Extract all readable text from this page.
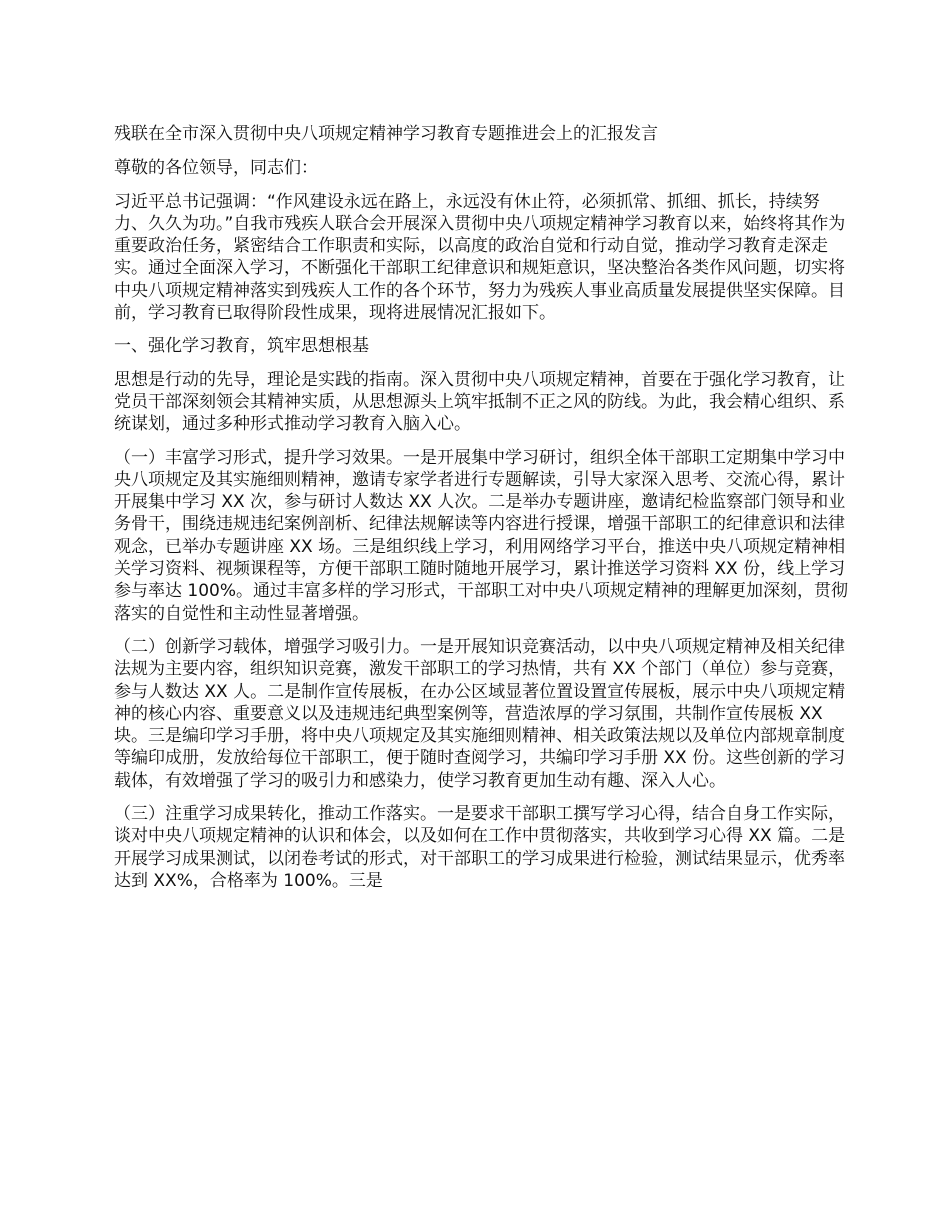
残联在全市深入贯彻中央八项规定精神学习教育专题推进会上的汇报发言

尊敬的各位领导，同志们：

习近平总书记强调：“作风建设永远在路上，永远没有休止符，必须抓常、抓细、抓长，持续努力、久久为功。”自我市残疾人联合会开展深入贯彻中央八项规定精神学习教育以来，始终将其作为重要政治任务，紧密结合工作职责和实际，以高度的政治自觉和行动自觉，推动学习教育走深走实。通过全面深入学习，不断强化干部职工纪律意识和规矩意识，坚决整治各类作风问题，切实将中央八项规定精神落实到残疾人工作的各个环节，努力为残疾人事业高质量发展提供坚实保障。目前，学习教育已取得阶段性成果，现将进展情况汇报如下。

一、强化学习教育，筑牢思想根基

思想是行动的先导，理论是实践的指南。深入贯彻中央八项规定精神，首要在于强化学习教育，让党员干部深刻领会其精神实质，从思想源头上筑牢抵制不正之风的防线。为此，我会精心组织、系统谋划，通过多种形式推动学习教育入脑入心。

（一）丰富学习形式，提升学习效果。一是开展集中学习研讨，组织全体干部职工定期集中学习中央八项规定及其实施细则精神，邀请专家学者进行专题解读，引导大家深入思考、交流心得，累计开展集中学习 XX 次，参与研讨人数达 XX 人次。二是举办专题讲座，邀请纪检监察部门领导和业务骨干，围绕违规违纪案例剖析、纪律法规解读等内容进行授课，增强干部职工的纪律意识和法律观念，已举办专题讲座 XX 场。三是组织线上学习，利用网络学习平台，推送中央八项规定精神相关学习资料、视频课程等，方便干部职工随时随地开展学习，累计推送学习资料 XX 份，线上学习参与率达 100%。通过丰富多样的学习形式，干部职工对中央八项规定精神的理解更加深刻，贯彻落实的自觉性和主动性显著增强。

（二）创新学习载体，增强学习吸引力。一是开展知识竞赛活动，以中央八项规定精神及相关纪律法规为主要内容，组织知识竞赛，激发干部职工的学习热情，共有 XX 个部门（单位）参与竞赛，参与人数达 XX 人。二是制作宣传展板，在办公区域显著位置设置宣传展板，展示中央八项规定精神的核心内容、重要意义以及违规违纪典型案例等，营造浓厚的学习氛围，共制作宣传展板 XX 块。三是编印学习手册，将中央八项规定及其实施细则精神、相关政策法规以及单位内部规章制度等编印成册，发放给每位干部职工，便于随时查阅学习，共编印学习手册 XX 份。这些创新的学习载体，有效增强了学习的吸引力和感染力，使学习教育更加生动有趣、深入人心。

（三）注重学习成果转化，推动工作落实。一是要求干部职工撰写学习心得，结合自身工作实际，谈对中央八项规定精神的认识和体会，以及如何在工作中贯彻落实，共收到学习心得 XX 篇。二是开展学习成果测试，以闭卷考试的形式，对干部职工的学习成果进行检验，测试结果显示，优秀率达到 XX%，合格率为 100%。三是
